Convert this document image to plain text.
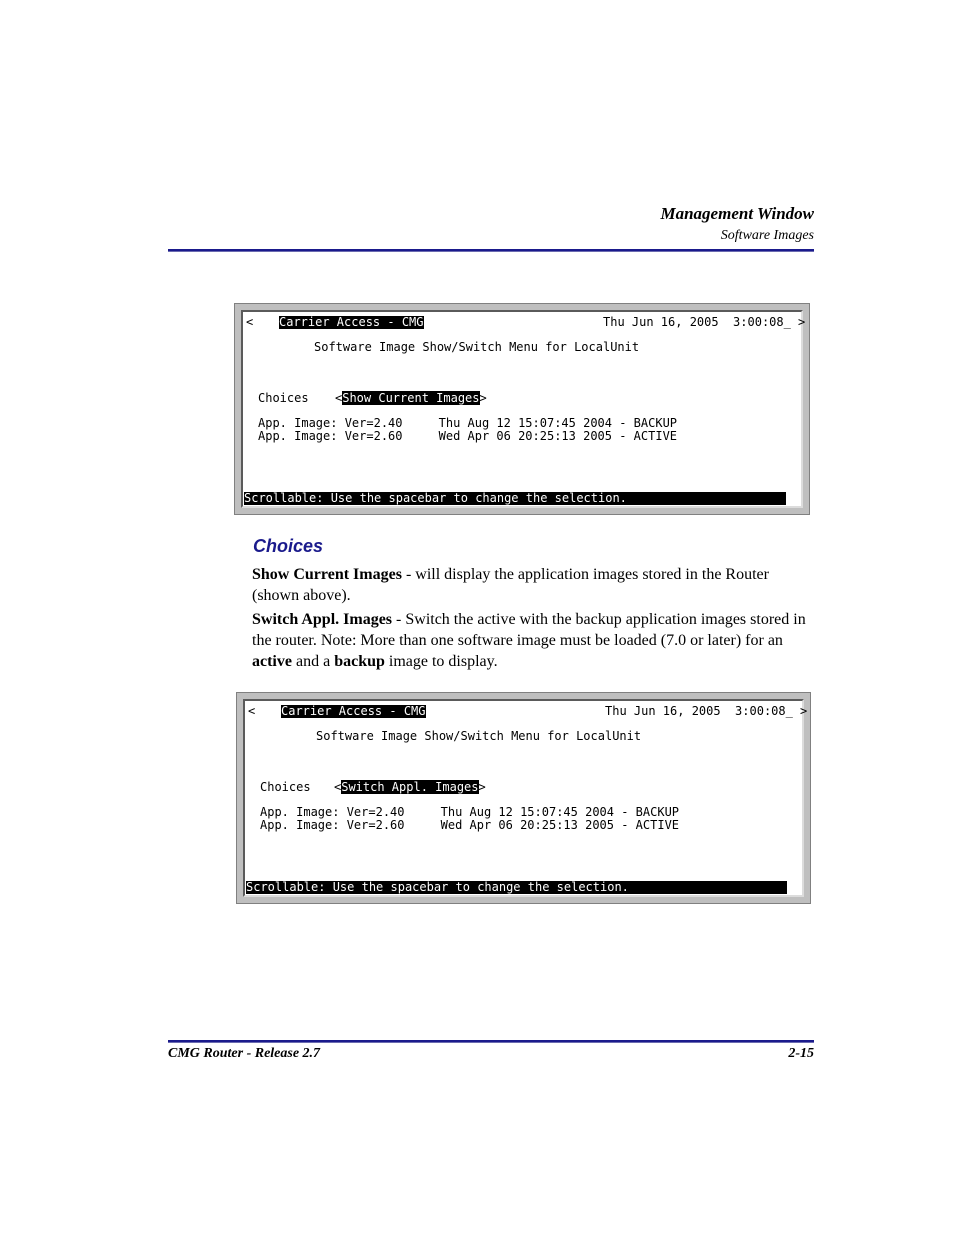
Management Window
Software Images
< Carrier Access - CMG	Thu Jun 16, 2005  3:00:08_ >
Software Image Show/Switch Menu for LocalUnit
Choices <Show Current Images>
App. Image: Ver=2.40     Thu Aug 12 15:07:45 2004 - BACKUP
App. Image: Ver=2.60     Wed Apr 06 20:25:13 2005 - ACTIVE
Scrollable: Use the spacebar to change the selection.
Choices
Show Current Images - will display the application images stored in the Router (shown above).
Switch Appl. Images - Switch the active with the backup application images stored in the router. Note: More than one software image must be loaded (7.0 or later) for an active and a backup image to display.
< Carrier Access - CMG	Thu Jun 16, 2005  3:00:08_ >
Software Image Show/Switch Menu for LocalUnit
Choices <Switch Appl. Images>
App. Image: Ver=2.40     Thu Aug 12 15:07:45 2004 - BACKUP
App. Image: Ver=2.60     Wed Apr 06 20:25:13 2005 - ACTIVE
Scrollable: Use the spacebar to change the selection.
CMG Router - Release 2.7	2-15
